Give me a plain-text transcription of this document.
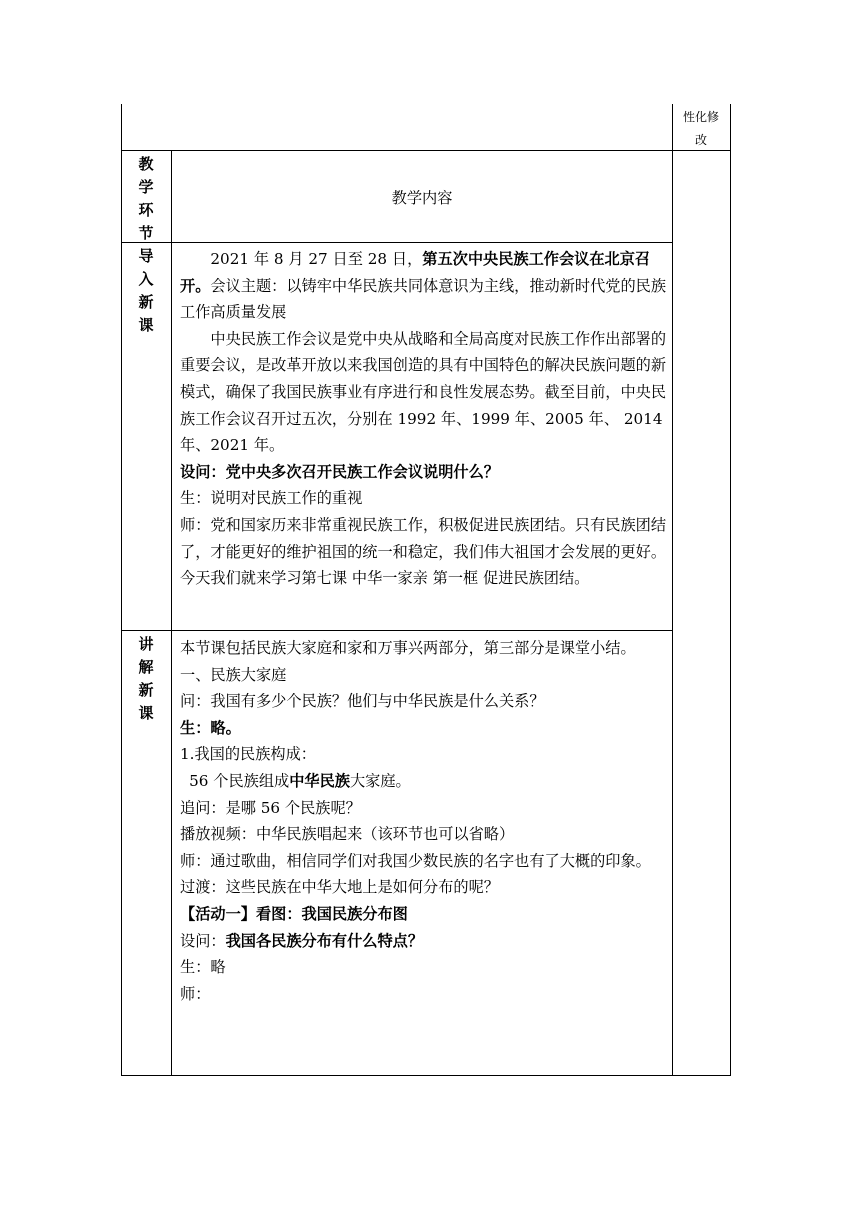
性化修
改
教
学
环
节
教学内容
导
入
新
课

2021 年 8 月 27 日至 28 日，第五次中央民族工作会议在北京召开。会议主题：以铸牢中华民族共同体意识为主线，推动新时代党的民族工作高质量发展

中央民族工作会议是党中央从战略和全局高度对民族工作作出部署的重要会议，是改革开放以来我国创造的具有中国特色的解决民族问题的新模式，确保了我国民族事业有序进行和良性发展态势。截至目前，中央民族工作会议召开过五次，分别在 1992 年、1999 年、2005 年、 2014 年、2021 年。

设问：党中央多次召开民族工作会议说明什么？

生：说明对民族工作的重视

师：党和国家历来非常重视民族工作，积极促进民族团结。只有民族团结了，才能更好的维护祖国的统一和稳定，我们伟大祖国才会发展的更好。今天我们就来学习第七课 中华一家亲 第一框 促进民族团结。

讲
解
新
课

本节课包括民族大家庭和家和万事兴两部分，第三部分是课堂小结。

一、民族大家庭

问：我国有多少个民族？他们与中华民族是什么关系？

生：略。

1.我国的民族构成：

56 个民族组成中华民族大家庭。

追问：是哪 56 个民族呢？

播放视频：中华民族唱起来（该环节也可以省略）

师：通过歌曲，相信同学们对我国少数民族的名字也有了大概的印象。

过渡：这些民族在中华大地上是如何分布的呢？

【活动一】看图：我国民族分布图

设问：我国各民族分布有什么特点？

生：略

师：
